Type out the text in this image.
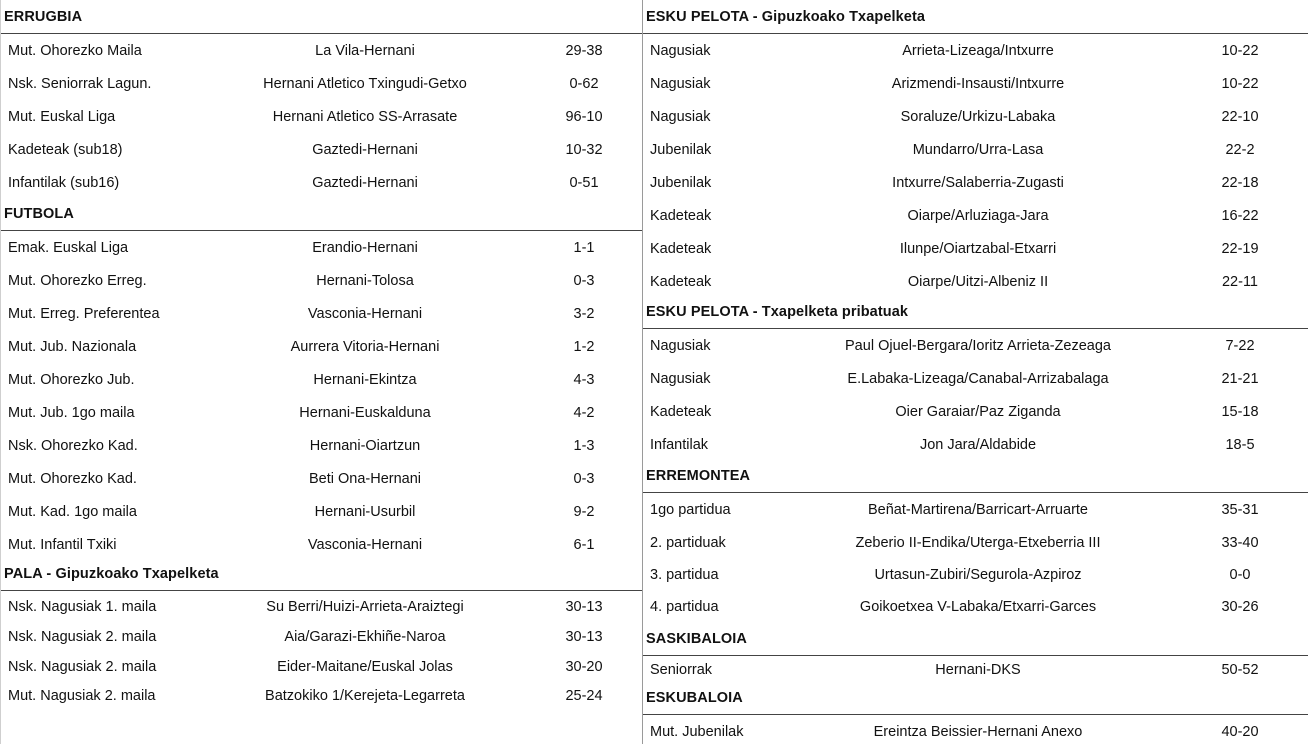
ERRUGBIA
Mut. Ohorezko Maila	La Vila-Hernani	29-38
Nsk. Seniorrak Lagun.	Hernani Atletico Txingudi-Getxo	0-62
Mut. Euskal Liga	Hernani Atletico SS-Arrasate	96-10
Kadeteak (sub18)	Gaztedi-Hernani	10-32
Infantilak (sub16)	Gaztedi-Hernani	0-51
FUTBOLA
Emak. Euskal Liga	Erandio-Hernani	1-1
Mut. Ohorezko Erreg.	Hernani-Tolosa	0-3
Mut. Erreg. Preferentea	Vasconia-Hernani	3-2
Mut. Jub. Nazionala	Aurrera Vitoria-Hernani	1-2
Mut. Ohorezko Jub.	Hernani-Ekintza	4-3
Mut. Jub. 1go maila	Hernani-Euskalduna	4-2
Nsk. Ohorezko Kad.	Hernani-Oiartzun	1-3
Mut. Ohorezko Kad.	Beti Ona-Hernani	0-3
Mut. Kad. 1go maila	Hernani-Usurbil	9-2
Mut. Infantil Txiki	Vasconia-Hernani	6-1
PALA - Gipuzkoako Txapelketa
Nsk. Nagusiak 1. maila	Su Berri/Huizi-Arrieta-Araiztegi	30-13
Nsk. Nagusiak 2. maila	Aia/Garazi-Ekhiñe-Naroa	30-13
Nsk. Nagusiak 2. maila	Eider-Maitane/Euskal Jolas	30-20
Mut. Nagusiak 2. maila	Batzokiko 1/Kerejeta-Legarreta	25-24
ESKU PELOTA - Gipuzkoako Txapelketa
Nagusiak	Arrieta-Lizeaga/Intxurre	10-22
Nagusiak	Arizmendi-Insausti/Intxurre	10-22
Nagusiak	Soraluze/Urkizu-Labaka	22-10
Jubenilak	Mundarro/Urra-Lasa	22-2
Jubenilak	Intxurre/Salaberria-Zugasti	22-18
Kadeteak	Oiarpe/Arluziaga-Jara	16-22
Kadeteak	Ilunpe/Oiartzabal-Etxarri	22-19
Kadeteak	Oiarpe/Uitzi-Albeniz II	22-11
ESKU PELOTA - Txapelketa pribatuak
Nagusiak	Paul Ojuel-Bergara/Ioritz Arrieta-Zezeaga	7-22
Nagusiak	E.Labaka-Lizeaga/Canabal-Arrizabalaga	21-21
Kadeteak	Oier Garaiar/Paz Ziganda	15-18
Infantilak	Jon Jara/Aldabide	18-5
ERREMONTEA
1go partidua	Beñat-Martirena/Barricart-Arruarte	35-31
2. partiduak	Zeberio II-Endika/Uterga-Etxeberria III	33-40
3. partidua	Urtasun-Zubiri/Segurola-Azpiroz	0-0
4. partidua	Goikoetxea V-Labaka/Etxarri-Garces	30-26
SASKIBALOIA
Seniorrak	Hernani-DKS	50-52
ESKUBALOIA
Mut. Jubenilak	Ereintza Beissier-Hernani Anexo	40-20
